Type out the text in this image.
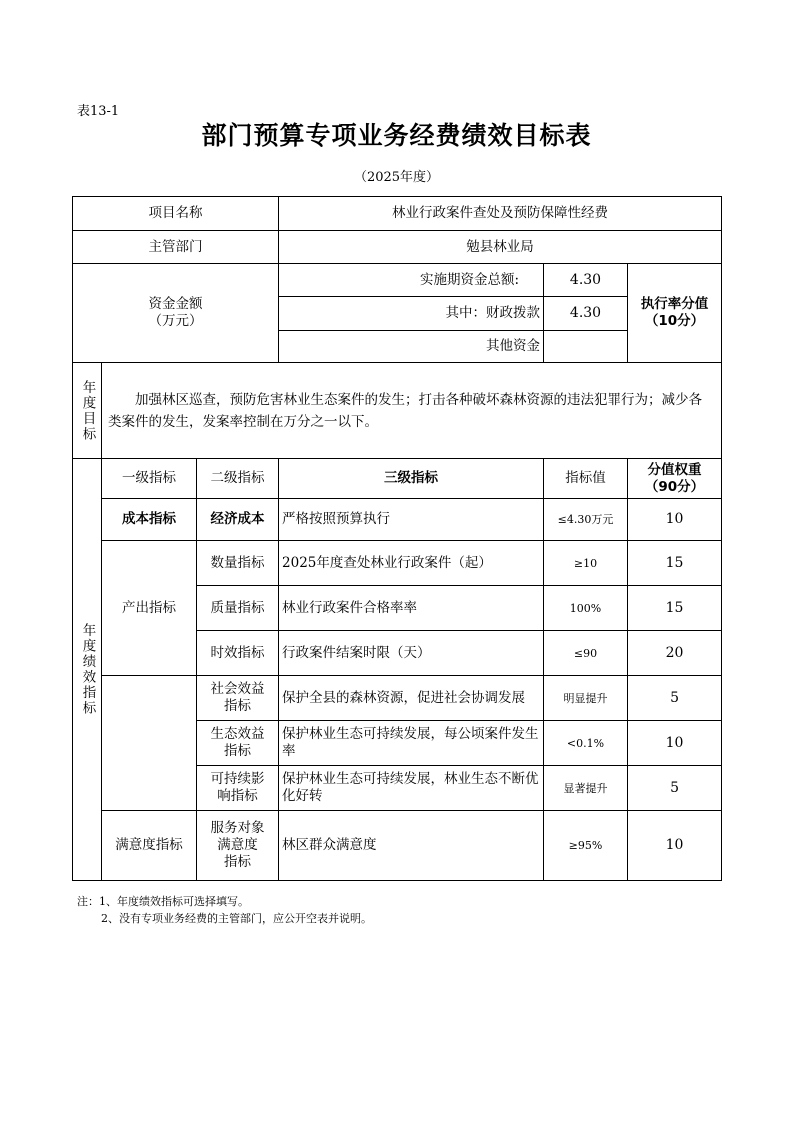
表13-1
部门预算专项业务经费绩效目标表
（2025年度）
项目名称			林业行政案件查处及预防保障性经费		
主管部门			勉县林业局		
资金金额
（万元）			实施期资金总额:	4.30	执行率分值
（10分）
			其中：财政拨款	4.30	
			其他资金		

年度目标	加强林区巡查，预防危害林业生态案件的发生；打击各种破坏森林资源的违法犯罪行为；减少各类案件的发生，发案率控制在万分之一以下。				

年度绩效指标	一级指标	二级指标	三级指标	指标值	分值权重
（90分）
	成本指标	经济成本	严格按照预算执行	≤4.30万元	10
	产出指标	数量指标	2025年度查处林业行政案件（起）	≥10	15
		质量指标	林业行政案件合格率率	100%	15
		时效指标	行政案件结案时限（天）	≤90	20
		社会效益
指标	保护全县的森林资源，促进社会协调发展	明显提升	5
		生态效益
指标	保护林业生态可持续发展，每公顷案件发生率	<0.1%	10
		可持续影
响指标	保护林业生态可持续发展，林业生态不断优化好转	显著提升	5
	满意度指标	服务对象
满意度
指标	林区群众满意度	≥95%	10
注：1、年度绩效指标可选择填写。
2、没有专项业务经费的主管部门，应公开空表并说明。
